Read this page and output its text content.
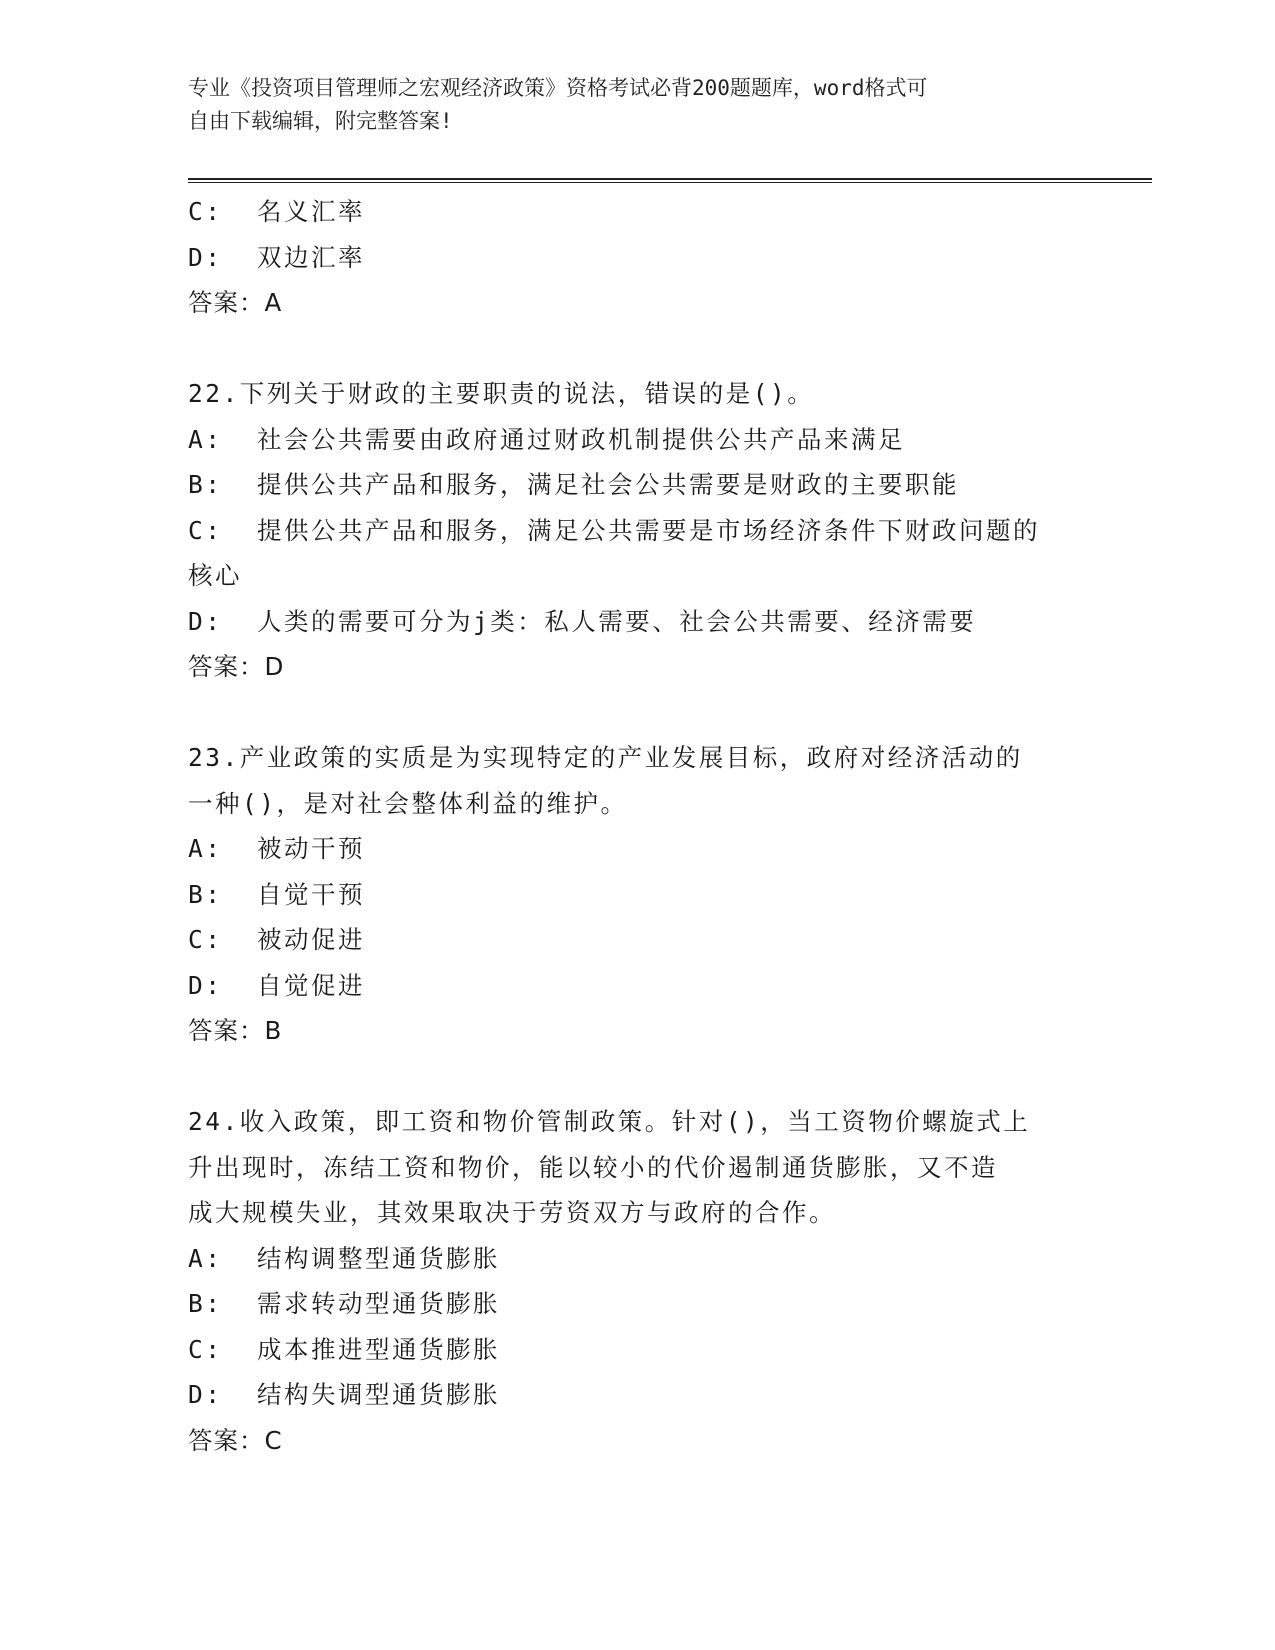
专业《投资项目管理师之宏观经济政策》资格考试必背200题题库，word格式可
自由下载编辑，附完整答案!
C:  名义汇率
D:  双边汇率
答案：A
22.下列关于财政的主要职责的说法，错误的是()。
A:  社会公共需要由政府通过财政机制提供公共产品来满足
B:  提供公共产品和服务，满足社会公共需要是财政的主要职能
C:  提供公共产品和服务，满足公共需要是市场经济条件下财政问题的
核心
D:  人类的需要可分为j类：私人需要、社会公共需要、经济需要
答案：D
23.产业政策的实质是为实现特定的产业发展目标，政府对经济活动的
一种()，是对社会整体利益的维护。
A:  被动干预
B:  自觉干预
C:  被动促进
D:  自觉促进
答案：B
24.收入政策，即工资和物价管制政策。针对()，当工资物价螺旋式上
升出现时，冻结工资和物价，能以较小的代价遏制通货膨胀，又不造
成大规模失业，其效果取决于劳资双方与政府的合作。
A:  结构调整型通货膨胀
B:  需求转动型通货膨胀
C:  成本推进型通货膨胀
D:  结构失调型通货膨胀
答案：C
